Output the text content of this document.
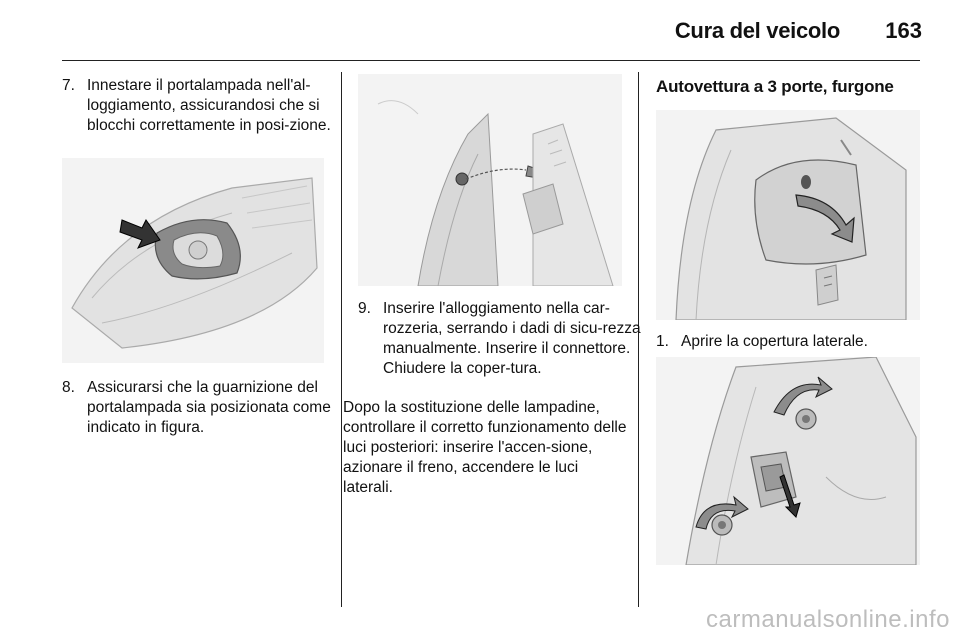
Cura del veicolo	163
7. Innestare il portalampada nell'al-loggiamento, assicurandosi che si blocchi correttamente in posi-zione.
8. Assicurarsi che la guarnizione del portalampada sia posizionata come indicato in figura.
9. Inserire l'alloggiamento nella car-rozzeria, serrando i dadi di sicu-rezza manualmente. Inserire il connettore. Chiudere la coper-tura.
Dopo la sostituzione delle lampadine, controllare il corretto funzionamento delle luci posteriori: inserire l'accen-sione, azionare il freno, accendere le luci laterali.
Autovettura a 3 porte, furgone
1. Aprire la copertura laterale.
carmanualsonline.info
